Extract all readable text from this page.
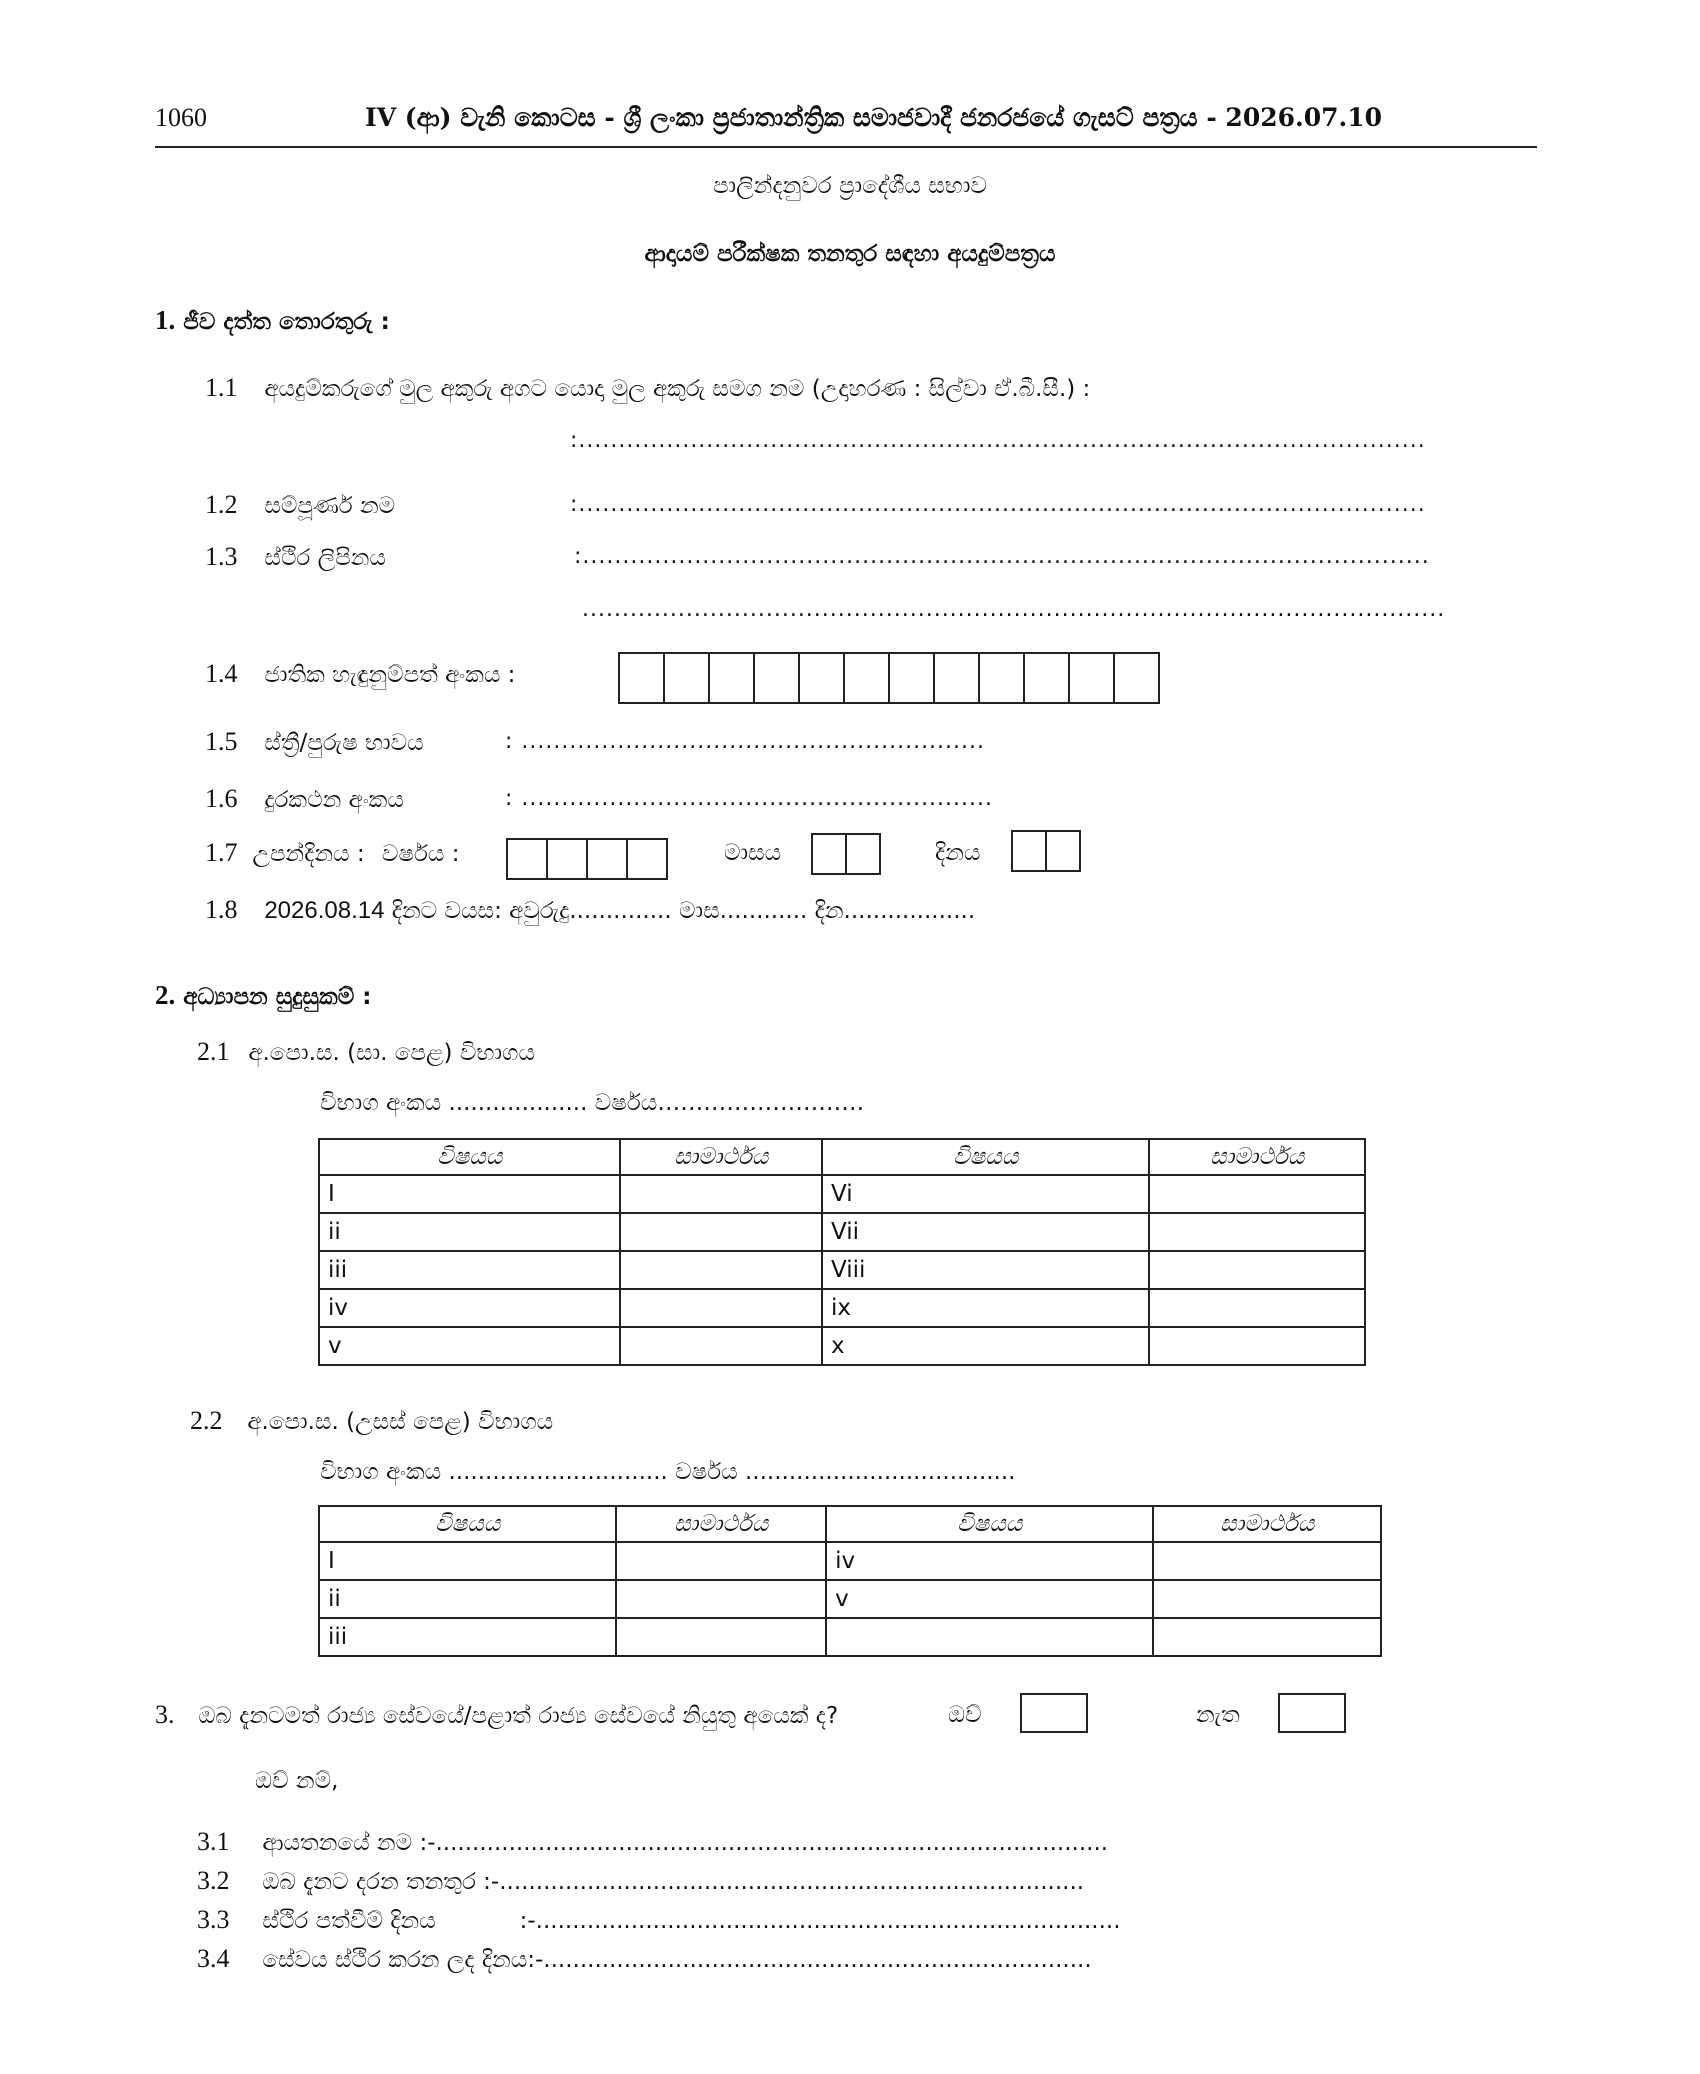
1060	IV (ආ) වැනි කොටස - ශ්‍රී ලංකා ප්‍රජාතාන්ත්‍රික සමාජවාදී ජනරජයේ ගැසට් පත්‍රය - 2026.07.10
පාලින්දනුවර ප්‍රාදේශීය සභාව
ආදායම් පරීක්ෂක තනතුර සඳහා අයදුම්පත්‍රය
1. ජීව දත්ත තොරතුරු :
1.1 අයදුම්කරුගේ මුල අකුරු අගට යොදා මුල අකුරු සමග නම (උදාහරණ : සිල්වා ඒ.බී.සී.) :
:..........................................................................................................
1.2 සම්පූර්ණ නම	:..........................................................................................................
1.3 ස්ථිර ලිපිනය	:..........................................................................................................
............................................................................................................
1.4 ජාතික හැඳුනුම්පත් අංකය :
1.5 ස්ත්‍රී/පුරුෂ භාවය	: ..........................................................
1.6 දුරකථන අංකය	: ...........................................................
1.7 උපන්දිනය : වර්ෂය :	මාසය	දිනය
1.8 2026.08.14 දිනට වයස: අවුරුදු.............. මාස............ දින..................
2. අධ්‍යාපන සුදුසුකම් :
2.1 අ.පො.ස. (සා. පෙළ) විභාගය
විභාග අංකය ................... වර්ෂය………………………
විෂයය	සාමාර්ථය	විෂයය	සාමාර්ථය
I		Vi	
ii		Vii	
iii		Viii	
iv		ix	
v		x	
2.2 අ.පො.ස. (උසස් පෙළ) විභාගය
විභාග අංකය .............................. වර්ෂය .....................................
විෂයය	සාමාර්ථය	විෂයය	සාමාර්ථය
I		iv	
ii		v	
iii			
3. ඔබ දැනටමත් රාජ්‍ය සේවයේ/පළාත් රාජ්‍ය සේවයේ නියුතු අයෙක් ද?	ඔව්	නැත
ඔව් නම්,
3.1 ආයතනයේ නම :-............................................................................................
3.2 ඔබ දැනට දරන තනතුර :-................................................................................
3.3 ස්ථිර පත්වීම් දිනය	:-................................................................................
3.4 සේවය ස්ථිර කරන ලද දිනය:-...........................................................................
